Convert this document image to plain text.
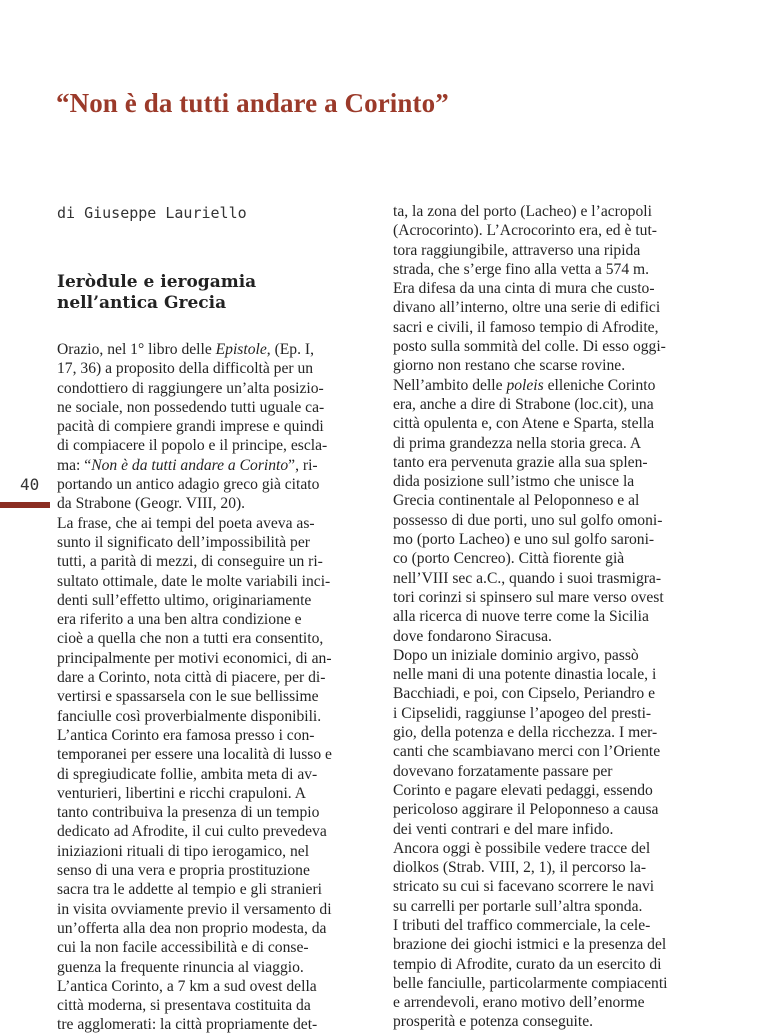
“Non è da tutti andare a Corinto”
di Giuseppe Lauriello
Ieròdule e ierogamia
nell’antica Grecia
Orazio, nel 1° libro delle Epistole, (Ep. I,
17, 36) a proposito della difficoltà per un
condottiero di raggiungere un’alta posizio-
ne sociale, non possedendo tutti uguale ca-
pacità di compiere grandi imprese e quindi
di compiacere il popolo e il principe, escla-
ma: “Non è da tutti andare a Corinto”, ri-
portando un antico adagio greco già citato
da Strabone (Geogr. VIII, 20).
La frase, che ai tempi del poeta aveva as-
sunto il significato dell’impossibilità per
tutti, a parità di mezzi, di conseguire un ri-
sultato ottimale, date le molte variabili inci-
denti sull’effetto ultimo, originariamente
era riferito a una ben altra condizione e
cioè a quella che non a tutti era consentito,
principalmente per motivi economici, di an-
dare a Corinto, nota città di piacere, per di-
vertirsi e spassarsela con le sue bellissime
fanciulle così proverbialmente disponibili.
L’antica Corinto era famosa presso i con-
temporanei per essere una località di lusso e
di spregiudicate follie, ambita meta di av-
venturieri, libertini e ricchi crapuloni. A
tanto contribuiva la presenza di un tempio
dedicato ad Afrodite, il cui culto prevedeva
iniziazioni rituali di tipo ierogamico, nel
senso di una vera e propria prostituzione
sacra tra le addette al tempio e gli stranieri
in visita ovviamente previo il versamento di
un’offerta alla dea non proprio modesta, da
cui la non facile accessibilità e di conse-
guenza la frequente rinuncia al viaggio.
L’antica Corinto, a 7 km a sud ovest della
città moderna, si presentava costituita da
tre agglomerati: la città propriamente det-
ta, la zona del porto (Lacheo) e l’acropoli
(Acrocorinto). L’Acrocorinto era, ed è tut-
tora raggiungibile, attraverso una ripida
strada, che s’erge fino alla vetta a 574 m.
Era difesa da una cinta di mura che custo-
divano all’interno, oltre una serie di edifici
sacri e civili, il famoso tempio di Afrodite,
posto sulla sommità del colle. Di esso oggi-
giorno non restano che scarse rovine.
Nell’ambito delle poleis elleniche Corinto
era, anche a dire di Strabone (loc.cit), una
città opulenta e, con Atene e Sparta, stella
di prima grandezza nella storia greca. A
tanto era pervenuta grazie alla sua splen-
dida posizione sull’istmo che unisce la
Grecia continentale al Peloponneso e al
possesso di due porti, uno sul golfo omoni-
mo (porto Lacheo) e uno sul golfo saroni-
co (porto Cencreo). Città fiorente già
nell’VIII sec a.C., quando i suoi trasmigra-
tori corinzi si spinsero sul mare verso ovest
alla ricerca di nuove terre come la Sicilia
dove fondarono Siracusa.
Dopo un iniziale dominio argivo, passò
nelle mani di una potente dinastia locale, i
Bacchiadi, e poi, con Cipselo, Periandro e
i Cipselidi, raggiunse l’apogeo del presti-
gio, della potenza e della ricchezza. I mer-
canti che scambiavano merci con l’Oriente
dovevano forzatamente passare per
Corinto e pagare elevati pedaggi, essendo
pericoloso aggirare il Peloponneso a causa
dei venti contrari e del mare infido.
Ancora oggi è possibile vedere tracce del
diolkos (Strab. VIII, 2, 1), il percorso la-
stricato su cui si facevano scorrere le navi
su carrelli per portarle sull’altra sponda.
I tributi del traffico commerciale, la cele-
brazione dei giochi istmici e la presenza del
tempio di Afrodite, curato da un esercito di
belle fanciulle, particolarmente compiacenti
e arrendevoli, erano motivo dell’enorme
prosperità e potenza conseguite.
40
